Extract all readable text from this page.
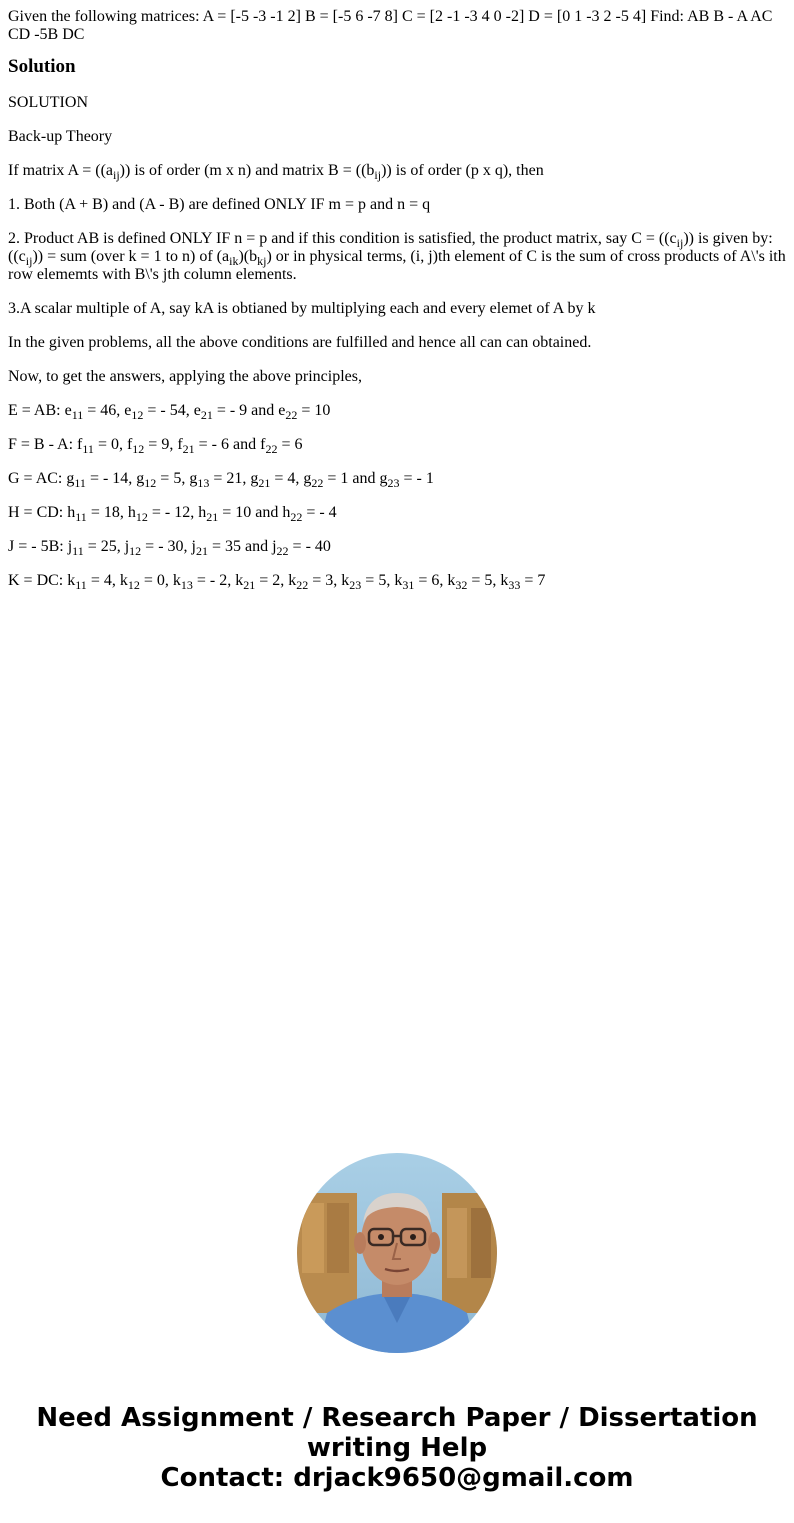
Given the following matrices: A = [-5 -3 -1 2] B = [-5 6 -7 8] C = [2 -1 -3 4 0 -2] D = [0 1 -3 2 -5 4] Find: AB B - A AC CD -5B DC
Solution

SOLUTION

Back-up Theory

If matrix $A = ((a_{ij}))$ is of order (m x n) and matrix $B = ((b_{ij}))$ is of order (p x q), then

1. Both (A + B) and (A - B) are defined ONLY IF m = p and n = q

2. Product AB is defined ONLY IF n = p and if this condition is satisfied, the product matrix, say $C = ((c_{ij}))$ is given by: $((c_{ij}))$ = sum (over k = 1 to n) of $(a_{ik})(b_{kj})$ or in physical terms, (i, j)th element of C is the sum of cross products of A\'s ith row elememts with B\'s jth column elements.

3.A scalar multiple of A, say kA is obtianed by multiplying each and every elemet of A by k

In the given problems, all the above conditions are fulfilled and hence all can can obtained.

Now, to get the answers, applying the above principles,

E = AB: $e_{11} = 46$, $e_{12}$ = - 54, $e_{21}$ = - 9 and $e_{22} = 10$

F = B - A: $f_{11} = 0$, $f_{12} = 9$, $f_{21}$ = - 6 and $f_{22} = 6$

G = AC: $g_{11}$ = - 14, $g_{12} = 5$, $g_{13} = 21$, $g_{21} = 4$, $g_{22} = 1$ and $g_{23}$ = - 1

H = CD: $h_{11} = 18$, $h_{12}$ = - 12, $h_{21} = 10$ and $h_{22}$ = - 4

J = - 5B: $j_{11} = 25$, $j_{12}$ = - 30, $j_{21} = 35$ and $j_{22}$ = - 40

K = DC: $k_{11} = 4$, $k_{12} = 0$, $k_{13}$ = - 2, $k_{21} = 2$, $k_{22} = 3$, $k_{23} = 5$, $k_{31} = 6$, $k_{32} = 5$, $k_{33} = 7$

Need Assignment / Research Paper / Dissertation
writing Help
Contact: drjack9650@gmail.com
